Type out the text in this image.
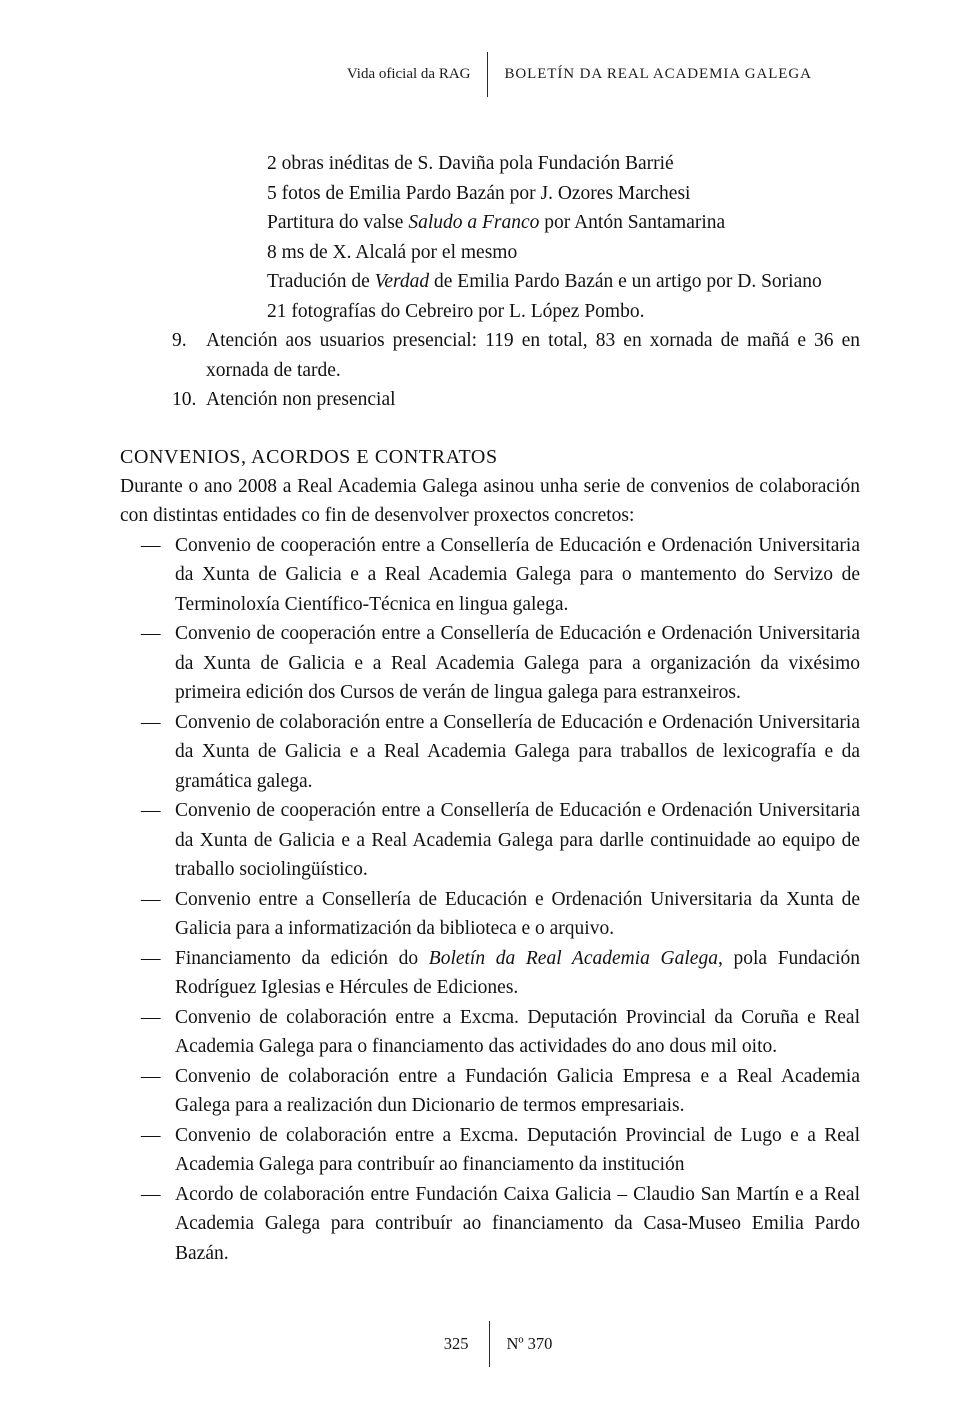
Vida oficial da RAG	BOLETÍN DA REAL ACADEMIA GALEGA
2 obras inéditas de S. Daviña pola Fundación Barrié
5 fotos de Emilia Pardo Bazán por J. Ozores Marchesi
Partitura do valse Saludo a Franco por Antón Santamarina
8 ms de X. Alcalá por el mesmo
Tradución de Verdad de Emilia Pardo Bazán e un artigo por D. Soriano
21 fotografías do Cebreiro por L. López Pombo.
9. Atención aos usuarios presencial: 119 en total, 83 en xornada de mañá e 36 en xornada de tarde.
10. Atención non presencial
CONVENIOS, ACORDOS E CONTRATOS

Durante o ano 2008 a Real Academia Galega asinou unha serie de convenios de colaboración con distintas entidades co fin de desenvolver proxectos concretos:

— Convenio de cooperación entre a Consellería de Educación e Ordenación Universitaria da Xunta de Galicia e a Real Academia Galega para o mantemento do Servizo de Terminoloxía Científico-Técnica en lingua galega.
— Convenio de cooperación entre a Consellería de Educación e Ordenación Universitaria da Xunta de Galicia e a Real Academia Galega para a organización da vixésimo primeira edición dos Cursos de verán de lingua galega para estranxeiros.
— Convenio de colaboración entre a Consellería de Educación e Ordenación Universitaria da Xunta de Galicia e a Real Academia Galega para traballos de lexicografía e da gramática galega.
— Convenio de cooperación entre a Consellería de Educación e Ordenación Universitaria da Xunta de Galicia e a Real Academia Galega para darlle continuidade ao equipo de traballo sociolingüístico.
— Convenio entre a Consellería de Educación e Ordenación Universitaria da Xunta de Galicia para a informatización da biblioteca e o arquivo.
— Financiamento da edición do Boletín da Real Academia Galega, pola Fundación Rodríguez Iglesias e Hércules de Ediciones.
— Convenio de colaboración entre a Excma. Deputación Provincial da Coruña e Real Academia Galega para o financiamento das actividades do ano dous mil oito.
— Convenio de colaboración entre a Fundación Galicia Empresa e a Real Academia Galega para a realización dun Dicionario de termos empresariais.
— Convenio de colaboración entre a Excma. Deputación Provincial de Lugo e a Real Academia Galega para contribuír ao financiamento da institución
— Acordo de colaboración entre Fundación Caixa Galicia – Claudio San Martín e a Real Academia Galega para contribuír ao financiamento da Casa-Museo Emilia Pardo Bazán.
325	Nº 370
